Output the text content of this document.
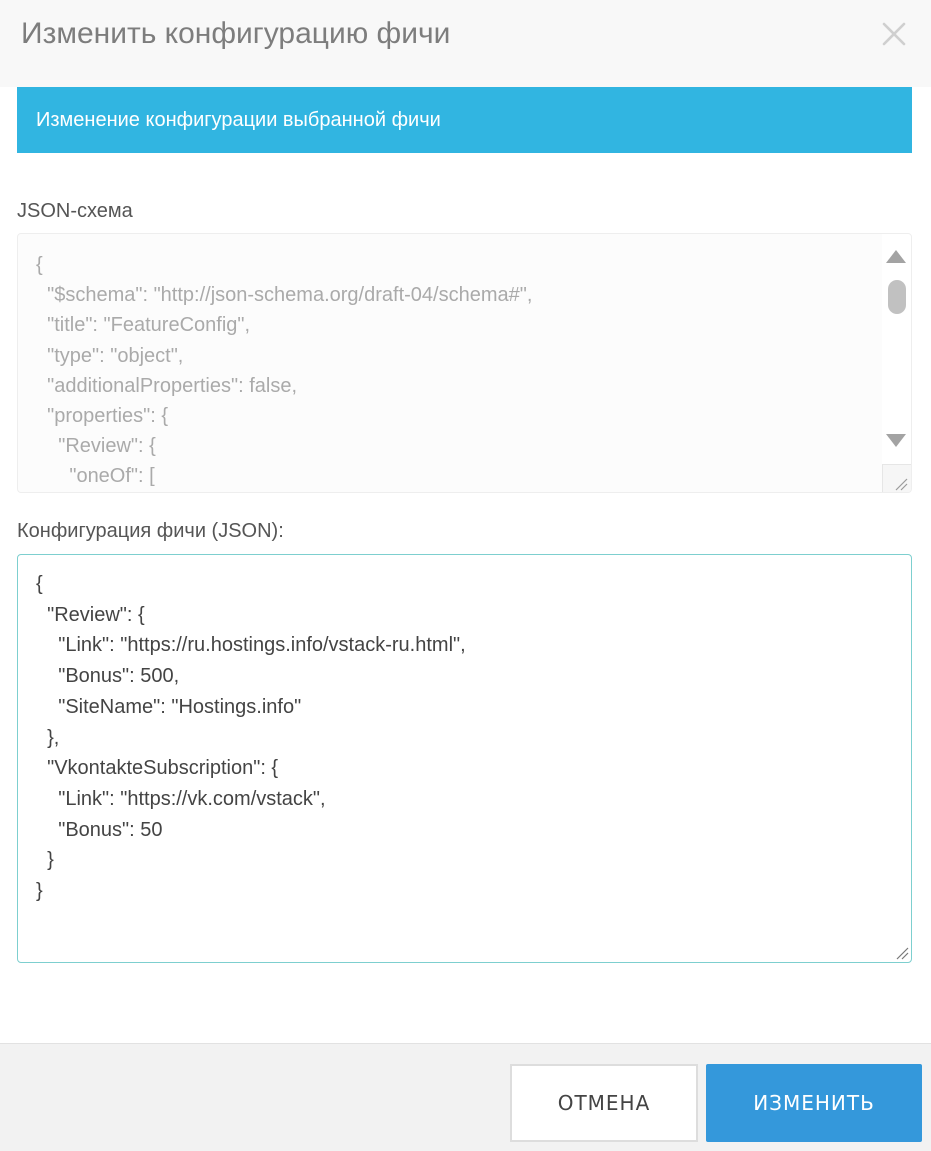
Изменить конфигурацию фичи
Изменение конфигурации выбранной фичи
JSON-схема
{
"$schema": "http://json-schema.org/draft-04/schema#",
"title": "FeatureConfig",
"type": "object",
"additionalProperties": false,
"properties": {
"Review": {
"oneOf": [
Конфигурация фичи (JSON):
{
"Review": {
"Link": "https://ru.hostings.info/vstack-ru.html",
"Bonus": 500,
"SiteName": "Hostings.info"
},
"VkontakteSubscription": {
"Link": "https://vk.com/vstack",
"Bonus": 50
}
}
ОТМЕНА	ИЗМЕНИТЬ
